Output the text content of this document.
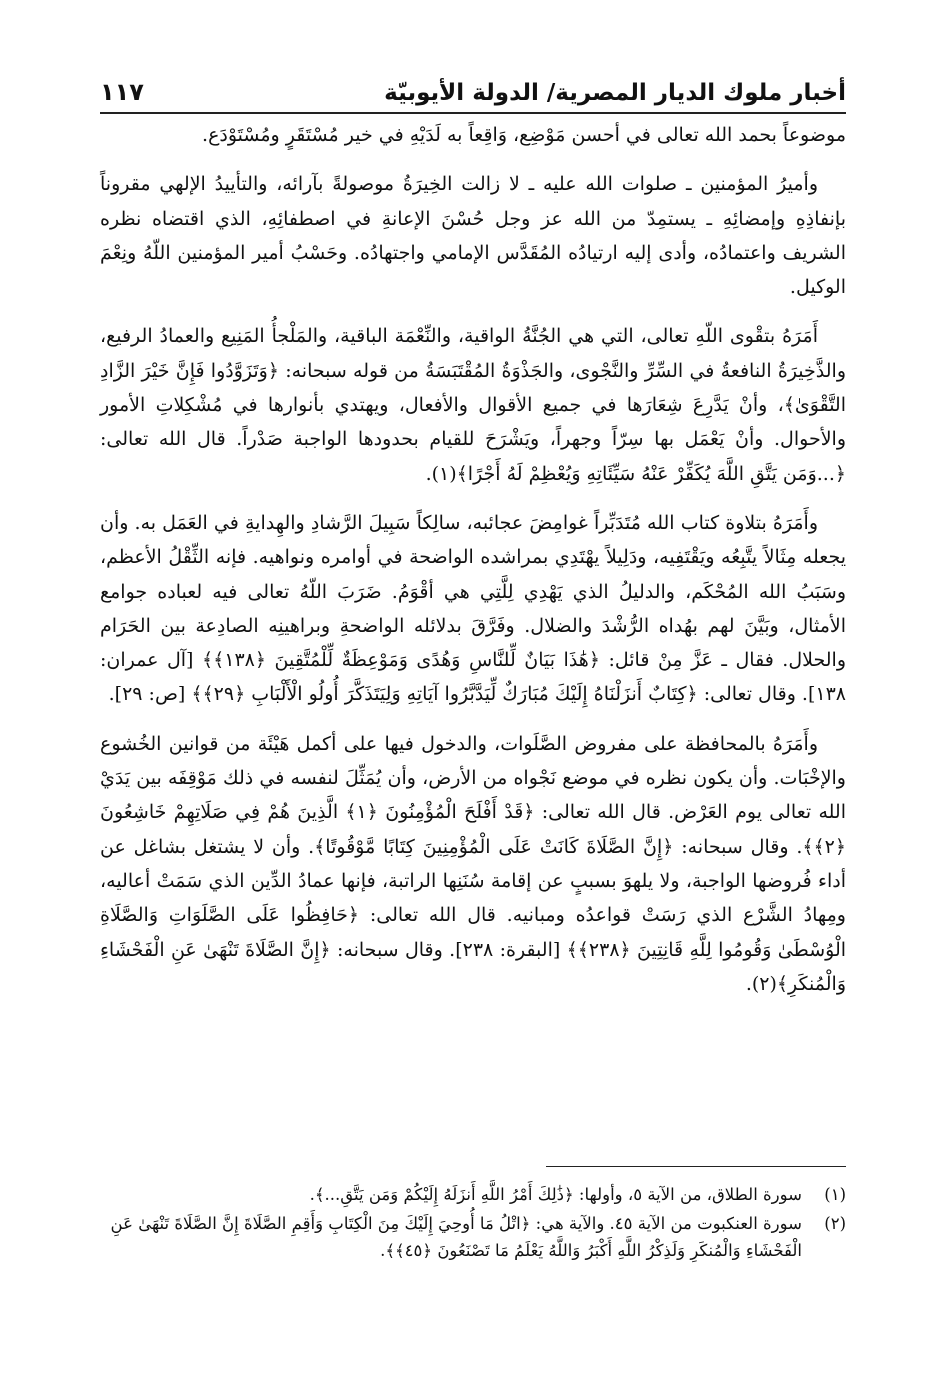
أخبار ملوك الديار المصرية/ الدولة الأيوبيّة
١١٧

موضوعاً بحمد الله تعالى في أحسن مَوْضِع، وَاقِعاً به لَدَيْهِ في خير مُسْتَقَرٍ ومُسْتَوْدَع.

وأميرُ المؤمنين ـ صلوات الله عليه ـ لا زالت الخِيرَةُ موصولةً بآرائه، والتأييدُ الإلهي مقروناً بإنفاذِهِ وإمضائِهِ ـ يستمِدّ من الله عز وجل حُسْنَ الإعانةِ في اصطفائِهِ، الذي اقتضاه نظره الشريف واعتمادُه، وأدى إليه ارتيادُه المُقَدَّس الإمامي واجتهادُه. وحَسْبُ أمير المؤمنين اللّهُ ونِعْمَ الوكيل.

أَمَرَهُ بتقْوى اللّهِ تعالى، التي هي الجُنَّةُ الواقية، والنِّعْمَة الباقية، والمَلْجأُ المَنِيع والعمادُ الرفيع، والذَّخِيرَةُ النافعةُ في السِّرِّ والنَّجْوى، والجَذْوَةُ المُقْتَبَسَةُ من قوله سبحانه: ﴿وَتَزَوَّدُوا فَإِنَّ خَيْرَ الزَّادِ التَّقْوَىٰ﴾، وأنْ يَدَّرِعَ شِعَارَها في جميع الأقوال والأفعال، ويهتدي بأنوارها في مُشْكِلاتِ الأمور والأحوال. وأنْ يَعْمَل بها سِرّاً وجهراً، ويَشْرَحَ للقيام بحدودها الواجبة صَدْراً. قال الله تعالى: ﴿...وَمَن يَتَّقِ اللَّهَ يُكَفِّرْ عَنْهُ سَيِّئَاتِهِ وَيُعْظِمْ لَهُ أَجْرًا﴾(١).

وأَمَرَهُ بتلاوة كتاب الله مُتَدَبِّراً غوامِضَ عجائبه، سالِكاً سَبِيلَ الرَّشادِ والهِدايةِ في العَمَل به. وأن يجعله مِثَالاً يتَّبِعُه ويَقْتَفِيه، ودَلِيلاً يهْتَدِي بمراشده الواضحة في أوامره ونواهيه. فإنه الثِّقْلُ الأعظم، وسَبَبُ الله المُحْكَم، والدليلُ الذي يَهْدِي لِلَّتِي هي أقْوَمُ. ضَرَبَ اللّهُ تعالى فيه لعباده جوامع الأمثال، وبَيَّنَ لهم بهُداه الرُّشْدَ والضلال. وفَرَّقَ بدلائله الواضحةِ وبراهينِه الصادِعة بين الحَرَام والحلال. فقال ـ عَزَّ مِنْ قائل: ﴿هَٰذَا بَيَانٌ لِّلنَّاسِ وَهُدًى وَمَوْعِظَةٌ لِّلْمُتَّقِينَ ﴿١٣٨﴾﴾ [آل عمران: ١٣٨]. وقال تعالى: ﴿كِتَابٌ أَنزَلْنَاهُ إِلَيْكَ مُبَارَكٌ لِّيَدَّبَّرُوا آيَاتِهِ وَلِيَتَذَكَّرَ أُولُو الْأَلْبَابِ ﴿٢٩﴾﴾ [ص: ٢٩].

وأَمَرَهُ بالمحافظة على مفروض الصَّلَوات، والدخول فيها على أكمل هَيْئَة من قوانين الخُشوع والإخْبَات. وأن يكون نظره في موضع نَجْواه من الأرض، وأن يُمَثِّلَ لنفسه في ذلك مَوْقِفَه بين يَدَيْ الله تعالى يوم العَرْض. قال الله تعالى: ﴿قَدْ أَفْلَحَ الْمُؤْمِنُونَ ﴿١﴾ الَّذِينَ هُمْ فِي صَلَاتِهِمْ خَاشِعُونَ ﴿٢﴾﴾. وقال سبحانه: ﴿إِنَّ الصَّلَاةَ كَانَتْ عَلَى الْمُؤْمِنِينَ كِتَابًا مَّوْقُوتًا﴾. وأن لا يشتغل بشاغل عن أداء فُروضها الواجبة، ولا يلهوَ بسببٍ عن إقامة سُنَنِها الراتبة، فإنها عمادُ الدِّين الذي سَمَتْ أعاليه، ومِهادُ الشَّرْع الذي رَسَتْ قواعدُه ومبانيه. قال الله تعالى: ﴿حَافِظُوا عَلَى الصَّلَوَاتِ وَالصَّلَاةِ الْوُسْطَىٰ وَقُومُوا لِلَّهِ قَانِتِينَ ﴿٢٣٨﴾﴾ [البقرة: ٢٣٨]. وقال سبحانه: ﴿إِنَّ الصَّلَاةَ تَنْهَىٰ عَنِ الْفَحْشَاءِ وَالْمُنكَرِ﴾(٢).

(١)
سورة الطلاق، من الآية ٥، وأولها: ﴿ذَٰلِكَ أَمْرُ اللَّهِ أَنزَلَهُ إِلَيْكُمْ وَمَن يَتَّقِ...﴾.
(٢)
سورة العنكبوت من الآية ٤٥. والآية هي: ﴿اتْلُ مَا أُوحِيَ إِلَيْكَ مِنَ الْكِتَابِ وَأَقِمِ الصَّلَاةَ إِنَّ الصَّلَاةَ تَنْهَىٰ عَنِ الْفَحْشَاءِ وَالْمُنكَرِ وَلَذِكْرُ اللَّهِ أَكْبَرُ وَاللَّهُ يَعْلَمُ مَا تَصْنَعُونَ ﴿٤٥﴾﴾.
